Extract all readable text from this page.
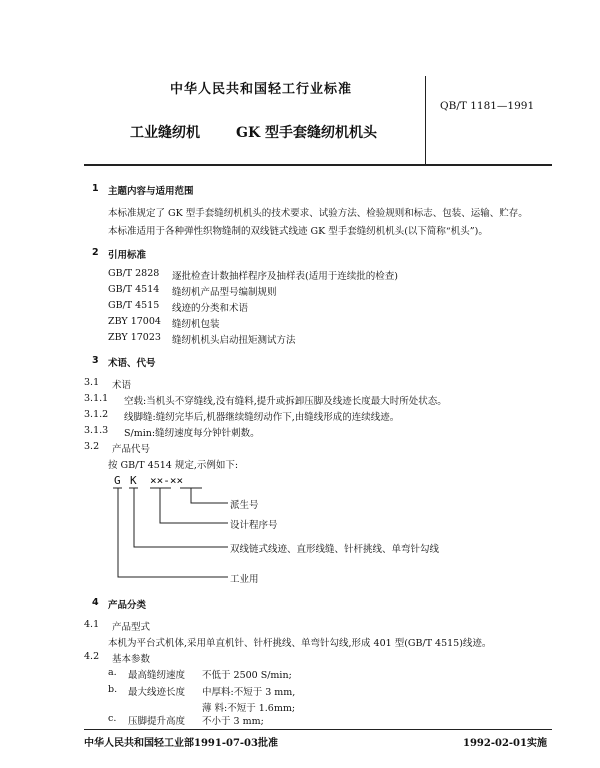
中华人民共和国轻工行业标准
QB/T 1181—1991
工业缝纫机	GK 型手套缝纫机机头
1 主题内容与适用范围
本标准规定了 GK 型手套缝纫机机头的技术要求、试验方法、检验规则和标志、包装、运输、贮存。
本标准适用于各种弹性织物缝制的双线链式线迹 GK 型手套缝纫机机头(以下简称“机头”)。
2 引用标准
GB/T 2828 逐批检查计数抽样程序及抽样表(适用于连续批的检查)
GB/T 4514 缝纫机产品型号编制规则
GB/T 4515 线迹的分类和术语
ZBY 17004 缝纫机包装
ZBY 17023 缝纫机机头启动扭矩测试方法
3 术语、代号
3.1 术语
3.1.1 空载:当机头不穿缝线,没有缝料,提升或拆卸压脚及线迹长度最大时所处状态。
3.1.2 线脚缝:缝纫完毕后,机器继续缝纫动作下,由缝线形成的连续线迹。
3.1.3 S/min:缝纫速度每分钟针刺数。
3.2 产品代号
按 GB/T 4514 规定,示例如下:
G K ××-××
派生号
设计程序号
双线链式线迹、直形线缝、针杆挑线、单弯针勾线
工业用
4 产品分类
4.1 产品型式
本机为平台式机体,采用单直机针、针杆挑线、单弯针勾线,形成 401 型(GB/T 4515)线迹。
4.2 基本参数
a. 最高缝纫速度 不低于 2500 S/min;
b. 最大线迹长度 中厚料:不短于 3 mm,
薄 料:不短于 1.6mm;
c. 压脚提升高度 不小于 3 mm;
中华人民共和国轻工业部1991-07-03批准	1992-02-01实施
